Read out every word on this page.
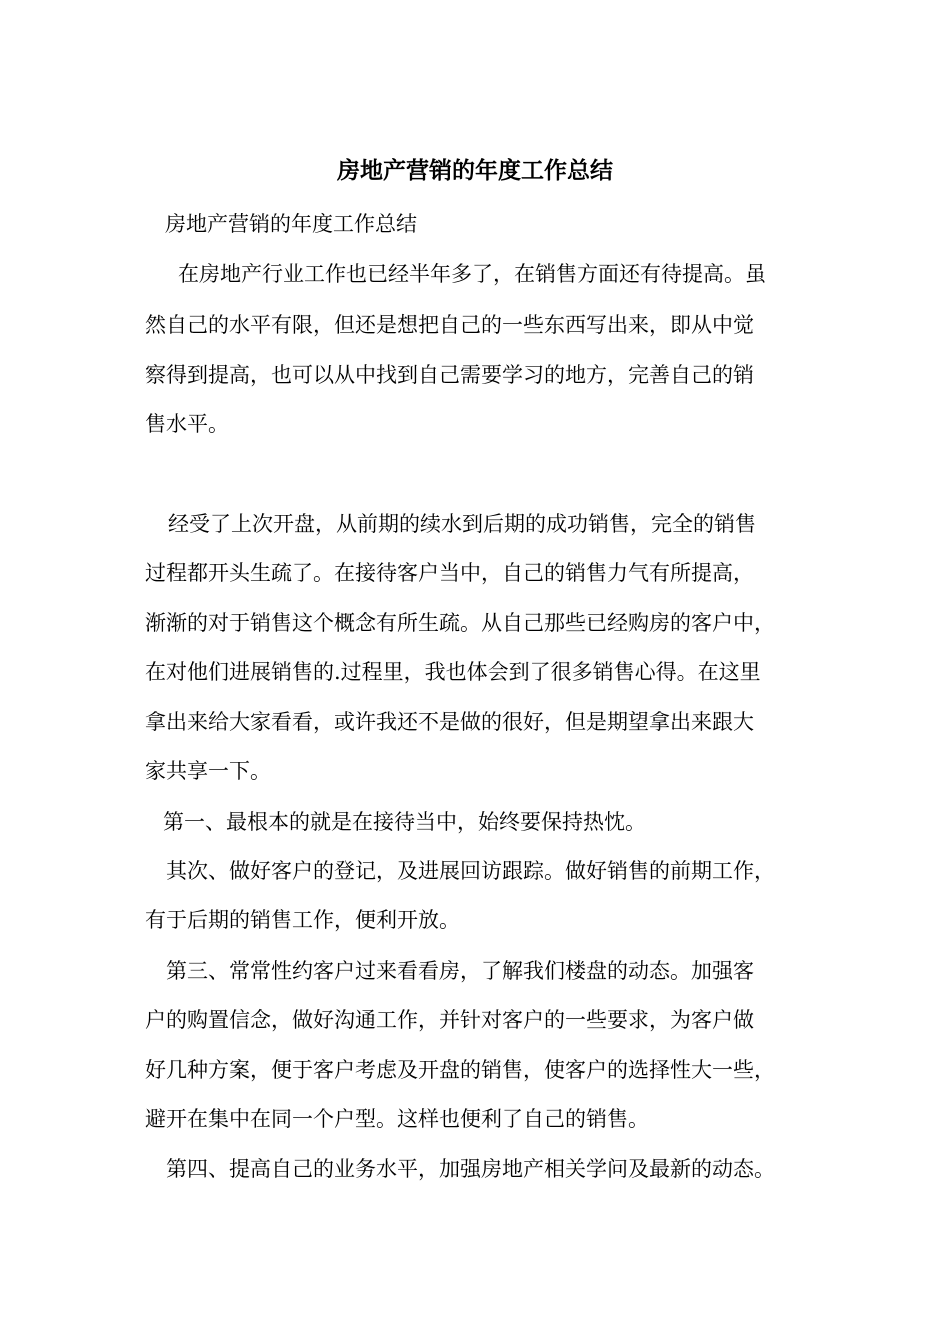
房地产营销的年度工作总结
房地产营销的年度工作总结
在房地产行业工作也已经半年多了，在销售方面还有待提高。虽
然自己的水平有限，但还是想把自己的一些东西写出来，即从中觉
察得到提高，也可以从中找到自己需要学习的地方，完善自己的销
售水平。
经受了上次开盘，从前期的续水到后期的成功销售，完全的销售
过程都开头生疏了。在接待客户当中，自己的销售力气有所提高，
渐渐的对于销售这个概念有所生疏。从自己那些已经购房的客户中，
在对他们进展销售的.过程里，我也体会到了很多销售心得。在这里
拿出来给大家看看，或许我还不是做的很好，但是期望拿出来跟大
家共享一下。
第一、最根本的就是在接待当中，始终要保持热忱。
其次、做好客户的登记，及进展回访跟踪。做好销售的前期工作，
有于后期的销售工作，便利开放。
第三、常常性约客户过来看看房，了解我们楼盘的动态。加强客
户的购置信念，做好沟通工作，并针对客户的一些要求，为客户做
好几种方案，便于客户考虑及开盘的销售，使客户的选择性大一些，
避开在集中在同一个户型。这样也便利了自己的销售。
第四、提高自己的业务水平，加强房地产相关学问及最新的动态。
